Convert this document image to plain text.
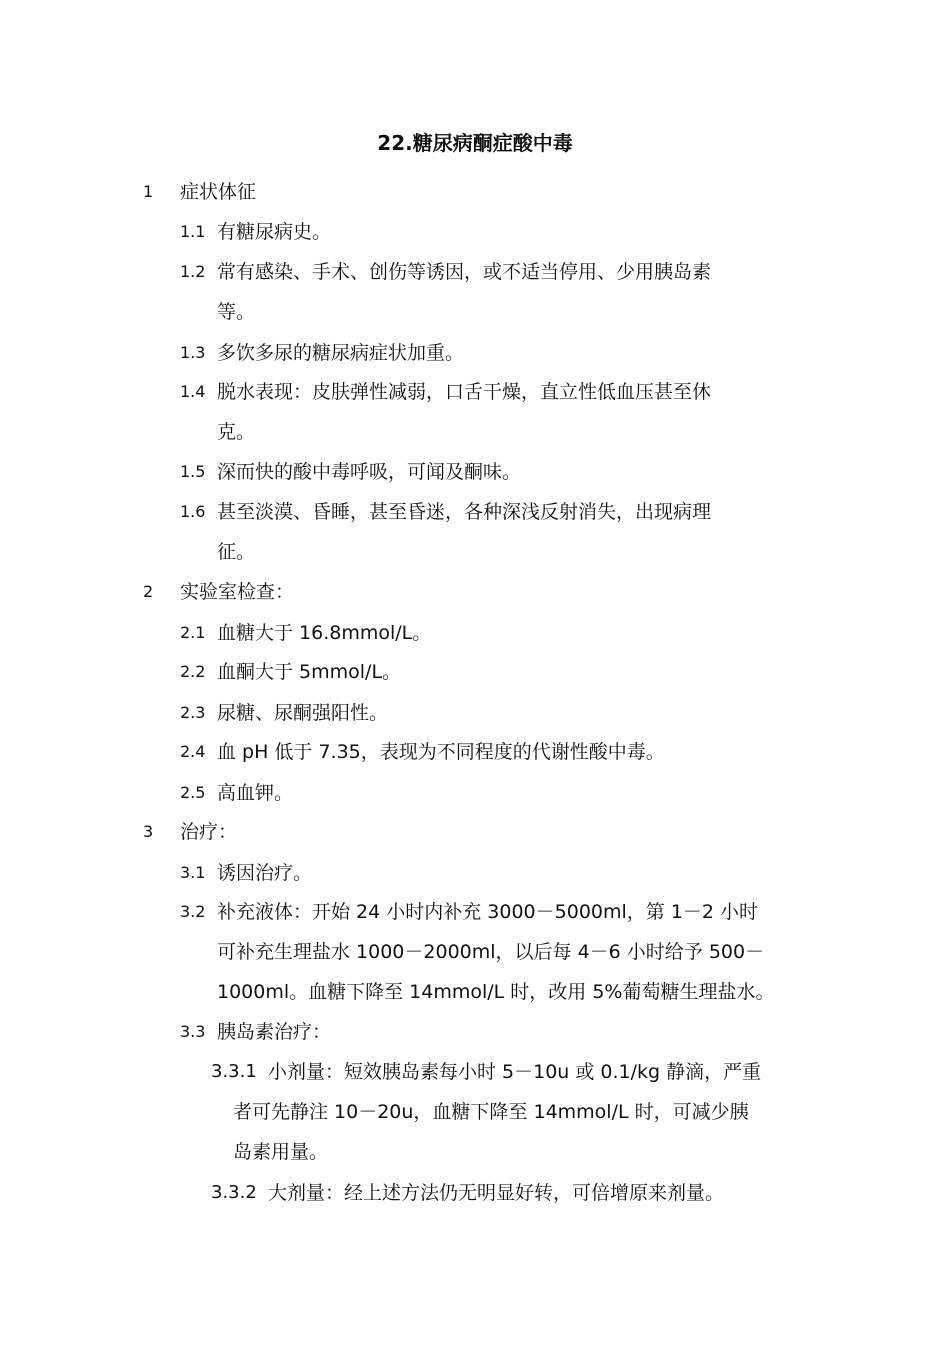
22.糖尿病酮症酸中毒
1 症状体征
1.1 有糖尿病史。
1.2 常有感染、手术、创伤等诱因，或不适当停用、少用胰岛素
等。
1.3 多饮多尿的糖尿病症状加重。
1.4 脱水表现：皮肤弹性减弱，口舌干燥，直立性低血压甚至休
克。
1.5 深而快的酸中毒呼吸，可闻及酮味。
1.6 甚至淡漠、昏睡，甚至昏迷，各种深浅反射消失，出现病理
征。
2 实验室检查：
2.1 血糖大于 16.8mmol/L。
2.2 血酮大于 5mmol/L。
2.3 尿糖、尿酮强阳性。
2.4 血 pH 低于 7.35，表现为不同程度的代谢性酸中毒。
2.5 高血钾。
3 治疗：
3.1 诱因治疗。
3.2 补充液体：开始 24 小时内补充 3000－5000ml，第 1－2 小时
可补充生理盐水 1000－2000ml，以后每 4－6 小时给予 500－
1000ml。血糖下降至 14mmol/L 时，改用 5%葡萄糖生理盐水。
3.3 胰岛素治疗：
3.3.1 小剂量：短效胰岛素每小时 5－10u 或 0.1/kg 静滴，严重
者可先静注 10－20u，血糖下降至 14mmol/L 时，可减少胰
岛素用量。
3.3.2 大剂量：经上述方法仍无明显好转，可倍增原来剂量。
